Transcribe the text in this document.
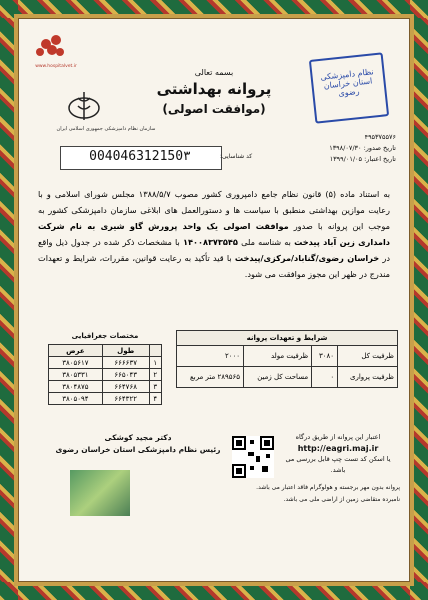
www.hospitalvet.ir
سازمان نظام دامپزشکی جمهوری اسلامی ایران
بسمه تعالی
پروانه بهداشتی
(موافقت اصولی)
نظام دامپزشکی استان خراسان رضوی
۴۹۵۳۷۵۵۷۶
تاریخ صدور: ۱۳۹۸/۰۷/۳۰
تاریخ اعتبار: ۱۳۹۹/۰۱/۰۵
004046312150۳	کد شناسایی:
به استناد ماده (۵) قانون نظام جامع دامپروری کشور مصوب ۱۳۸۸/۵/۷ مجلس شورای اسلامی و با رعایت موازین بهداشتی منطبق با سیاست ها و دستورالعمل های ابلاغی سازمان دامپزشکی کشور به موجب این پروانه با صدور موافقت اصولی یک واحد پرورش گاو شیری به نام شرکت دامداری زین آباد پیدخت به شناسه ملی ۱۴۰۰۸۳۷۳۵۴۵ با مشخصات ذکر شده در جدول ذیل واقع در خراسان رضوی/گناباد/مرکزی/پیدخت با قید تأکید به رعایت قوانین، مقررات، شرایط و تعهدات مندرج در ظهر این مجوز موافقت می شود.
شرایط و تعهدات پروانه			
ظرفیت کل	۳۰۸۰	ظرفیت مولد	۲۰۰۰
ظرفیت پرواری	۰	مساحت کل زمین	۲۸۹۵۶۵ متر مربع
مختصات جغرافیایی
	طول	عرض
۱	۶۶۶۶۳۷	۳۸۰۵۶۱۷
۲	۶۶۵۰۴۳	۳۸۰۵۳۳۱
۳	۶۶۴۷۶۸	۳۸۰۴۸۷۵
۴	۶۶۴۳۲۲	۳۸۰۵۰۹۴
دکتر مجید کوشکی
رئیس نظام دامپزشکی استان خراسان رضوی
اعتبار این پروانه از طریق درگاه
http://eagri.maj.ir
یا اسکن کد تست چپ قابل بررسی می باشد.
پروانه بدون مهر برجسته و هولوگرام فاقد اعتبار می باشد.
نامبرده متقاضی زمین از اراضی ملی می باشد.
